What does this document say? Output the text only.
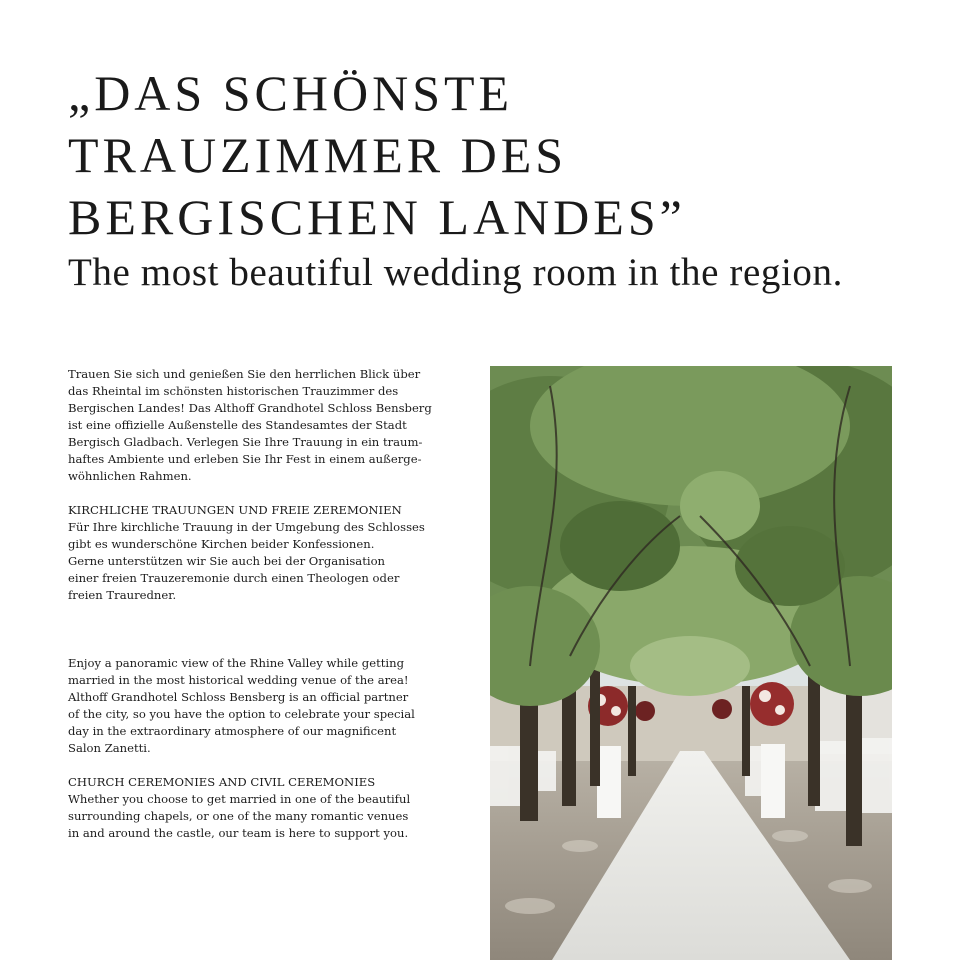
„DAS SCHÖNSTE
TRAUZIMMER DES
BERGISCHEN LANDES”
The most beautiful wedding room in the region.

Trauen Sie sich und genießen Sie den herrlichen Blick über
das Rheintal im schönsten historischen Trauzimmer des
Bergischen Landes! Das Althoff Grandhotel Schloss Bensberg
ist eine offizielle Außenstelle des Standesamtes der Stadt
Bergisch Gladbach. Verlegen Sie Ihre Trauung in ein traum-
haftes Ambiente und erleben Sie Ihr Fest in einem außerge-
wöhnlichen Rahmen.

KIRCHLICHE TRAUUNGEN UND FREIE ZEREMONIEN
Für Ihre kirchliche Trauung in der Umgebung des Schlosses
gibt es wunderschöne Kirchen beider Konfessionen.
Gerne unterstützen wir Sie auch bei der Organisation
einer freien Trauzeremonie durch einen Theologen oder
freien Trauredner.

Enjoy a panoramic view of the Rhine Valley while getting
married in the most historical wedding venue of the area!
Althoff Grandhotel Schloss Bensberg is an official partner
of the city, so you have the option to celebrate your special
day in the extraordinary atmosphere of our magnificent
Salon Zanetti.

CHURCH CEREMONIES AND CIVIL CEREMONIES
Whether you choose to get married in one of the beautiful
surrounding chapels, or one of the many romantic venues
in and around the castle, our team is here to support you.
